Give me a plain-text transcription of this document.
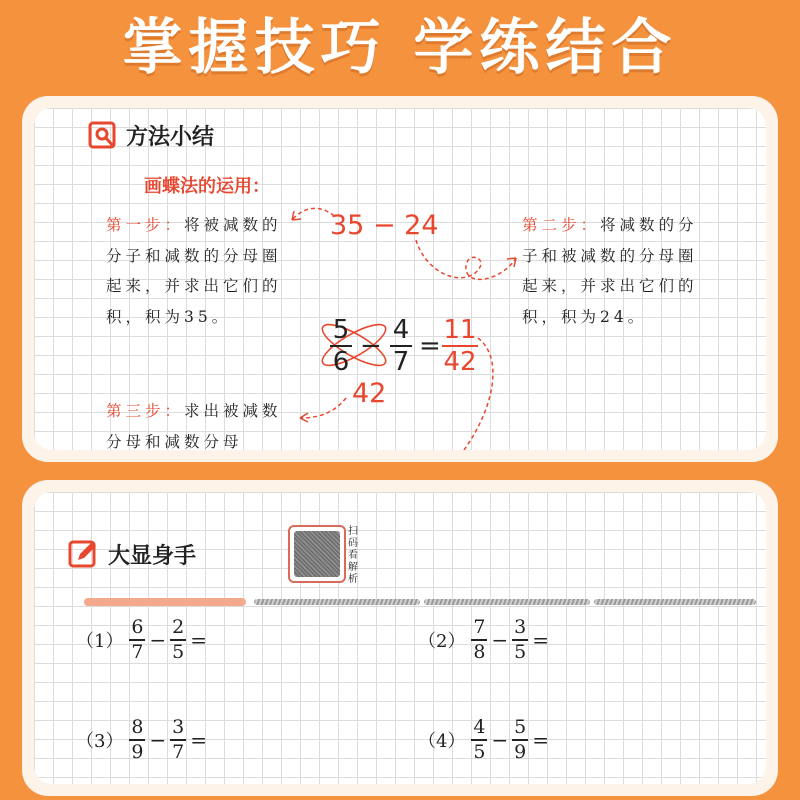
掌握技巧 学练结合
方法小结
画蝶法的运用：
第一步：将被减数的分子和减数的分母圈起来，并求出它们的积，积为35。
第二步：将减数的分子和被减数的分母圈起来，并求出它们的积，积为24。
第三步：求出被减数分母和减数分母
35 − 24
42
5
6
−
4
7
=
11
42
大显身手
扫码看解析
（1）
6
7 −
2
5 =	（2）
7
8 −
3
5 =
（3）
8
9 −
3
7 =	（4）
4
5 −
5
9 =
